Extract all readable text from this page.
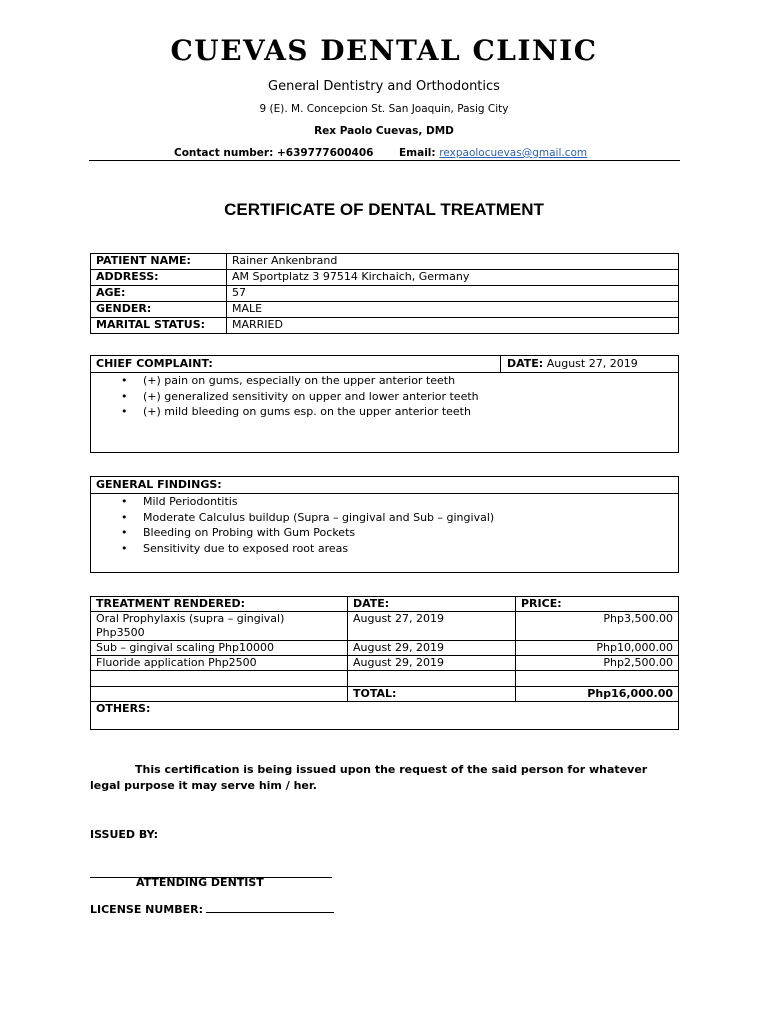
CUEVAS DENTAL CLINIC
General Dentistry and Orthodontics
9 (E). M. Concepcion St. San Joaquin, Pasig City
Rex Paolo Cuevas, DMD
Contact number: +639777600406 Email: rexpaolocuevas@gmail.com
CERTIFICATE OF DENTAL TREATMENT
PATIENT NAME:	Rainer Ankenbrand
ADDRESS:	AM Sportplatz 3 97514 Kirchaich, Germany
AGE:	57
GENDER:	MALE
MARITAL STATUS:	MARRIED
CHIEF COMPLAINT:	DATE: August 27, 2019
• (+) pain on gums, especially on the upper anterior teeth
• (+) generalized sensitivity on upper and lower anterior teeth
• (+) mild bleeding on gums esp. on the upper anterior teeth
GENERAL FINDINGS:
• Mild Periodontitis
• Moderate Calculus buildup (Supra – gingival and Sub – gingival)
• Bleeding on Probing with Gum Pockets
• Sensitivity due to exposed root areas
TREATMENT RENDERED:	DATE:	PRICE:

Oral Prophylaxis (supra – gingival)
Php3500	August 27, 2019	Php3,500.00
Sub – gingival scaling Php10000	August 29, 2019	Php10,000.00
Fluoride application Php2500	August 29, 2019	Php2,500.00

	TOTAL:	Php16,000.00
OTHERS:		
This certification is being issued upon the request of the said person for whatever legal purpose it may serve him / her.
ISSUED BY:
ATTENDING DENTIST
LICENSE NUMBER:
